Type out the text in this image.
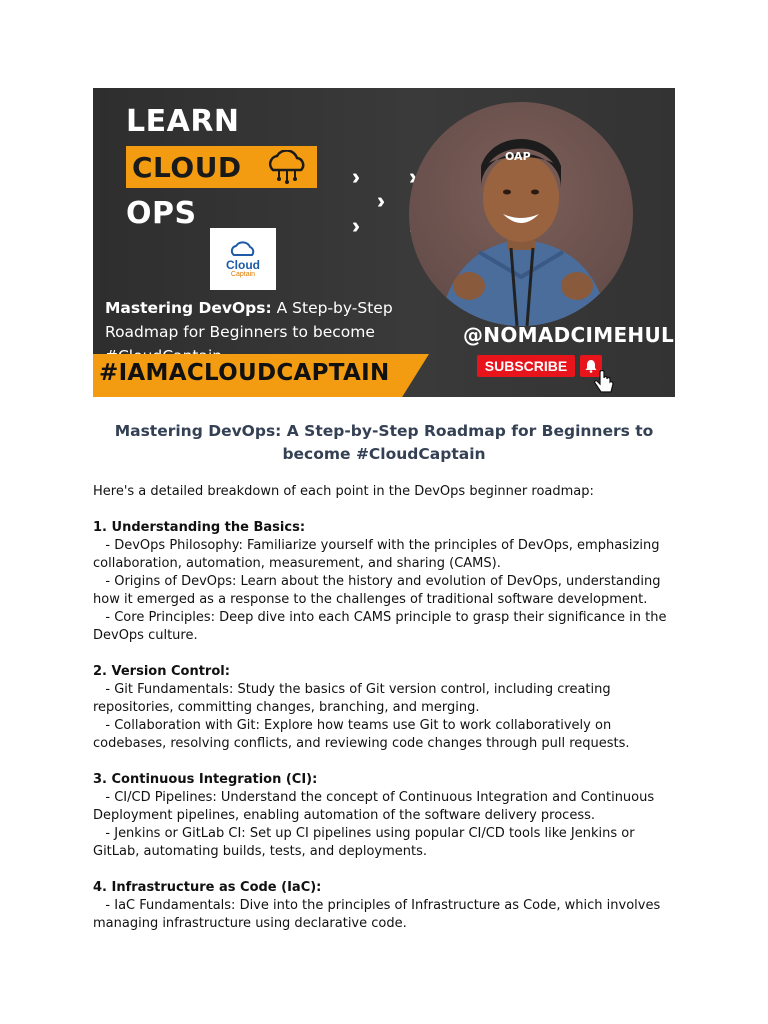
LEARN
CLOUD
OPS
Cloud
Captain
›››	›››
›››
›››
Mastering DevOps: A Step-by-Step Roadmap for Beginners to become
#IAMACLOUDCAPTAIN
OAP
@NOMADCIMEHUL
SUBSCRIBE
Mastering DevOps: A Step-by-Step Roadmap for Beginners to become #CloudCaptain

Here's a detailed breakdown of each point in the DevOps beginner roadmap:

1. Understanding the Basics:

- DevOps Philosophy: Familiarize yourself with the principles of DevOps, emphasizing collaboration, automation, measurement, and sharing (CAMS).

- Origins of DevOps: Learn about the history and evolution of DevOps, understanding how it emerged as a response to the challenges of traditional software development.

- Core Principles: Deep dive into each CAMS principle to grasp their significance in the DevOps culture.

2. Version Control:

- Git Fundamentals: Study the basics of Git version control, including creating repositories, committing changes, branching, and merging.

- Collaboration with Git: Explore how teams use Git to work collaboratively on codebases, resolving conflicts, and reviewing code changes through pull requests.

3. Continuous Integration (CI):

- CI/CD Pipelines: Understand the concept of Continuous Integration and Continuous Deployment pipelines, enabling automation of the software delivery process.

- Jenkins or GitLab CI: Set up CI pipelines using popular CI/CD tools like Jenkins or GitLab, automating builds, tests, and deployments.

4. Infrastructure as Code (IaC):

- IaC Fundamentals: Dive into the principles of Infrastructure as Code, which involves managing infrastructure using declarative code.
